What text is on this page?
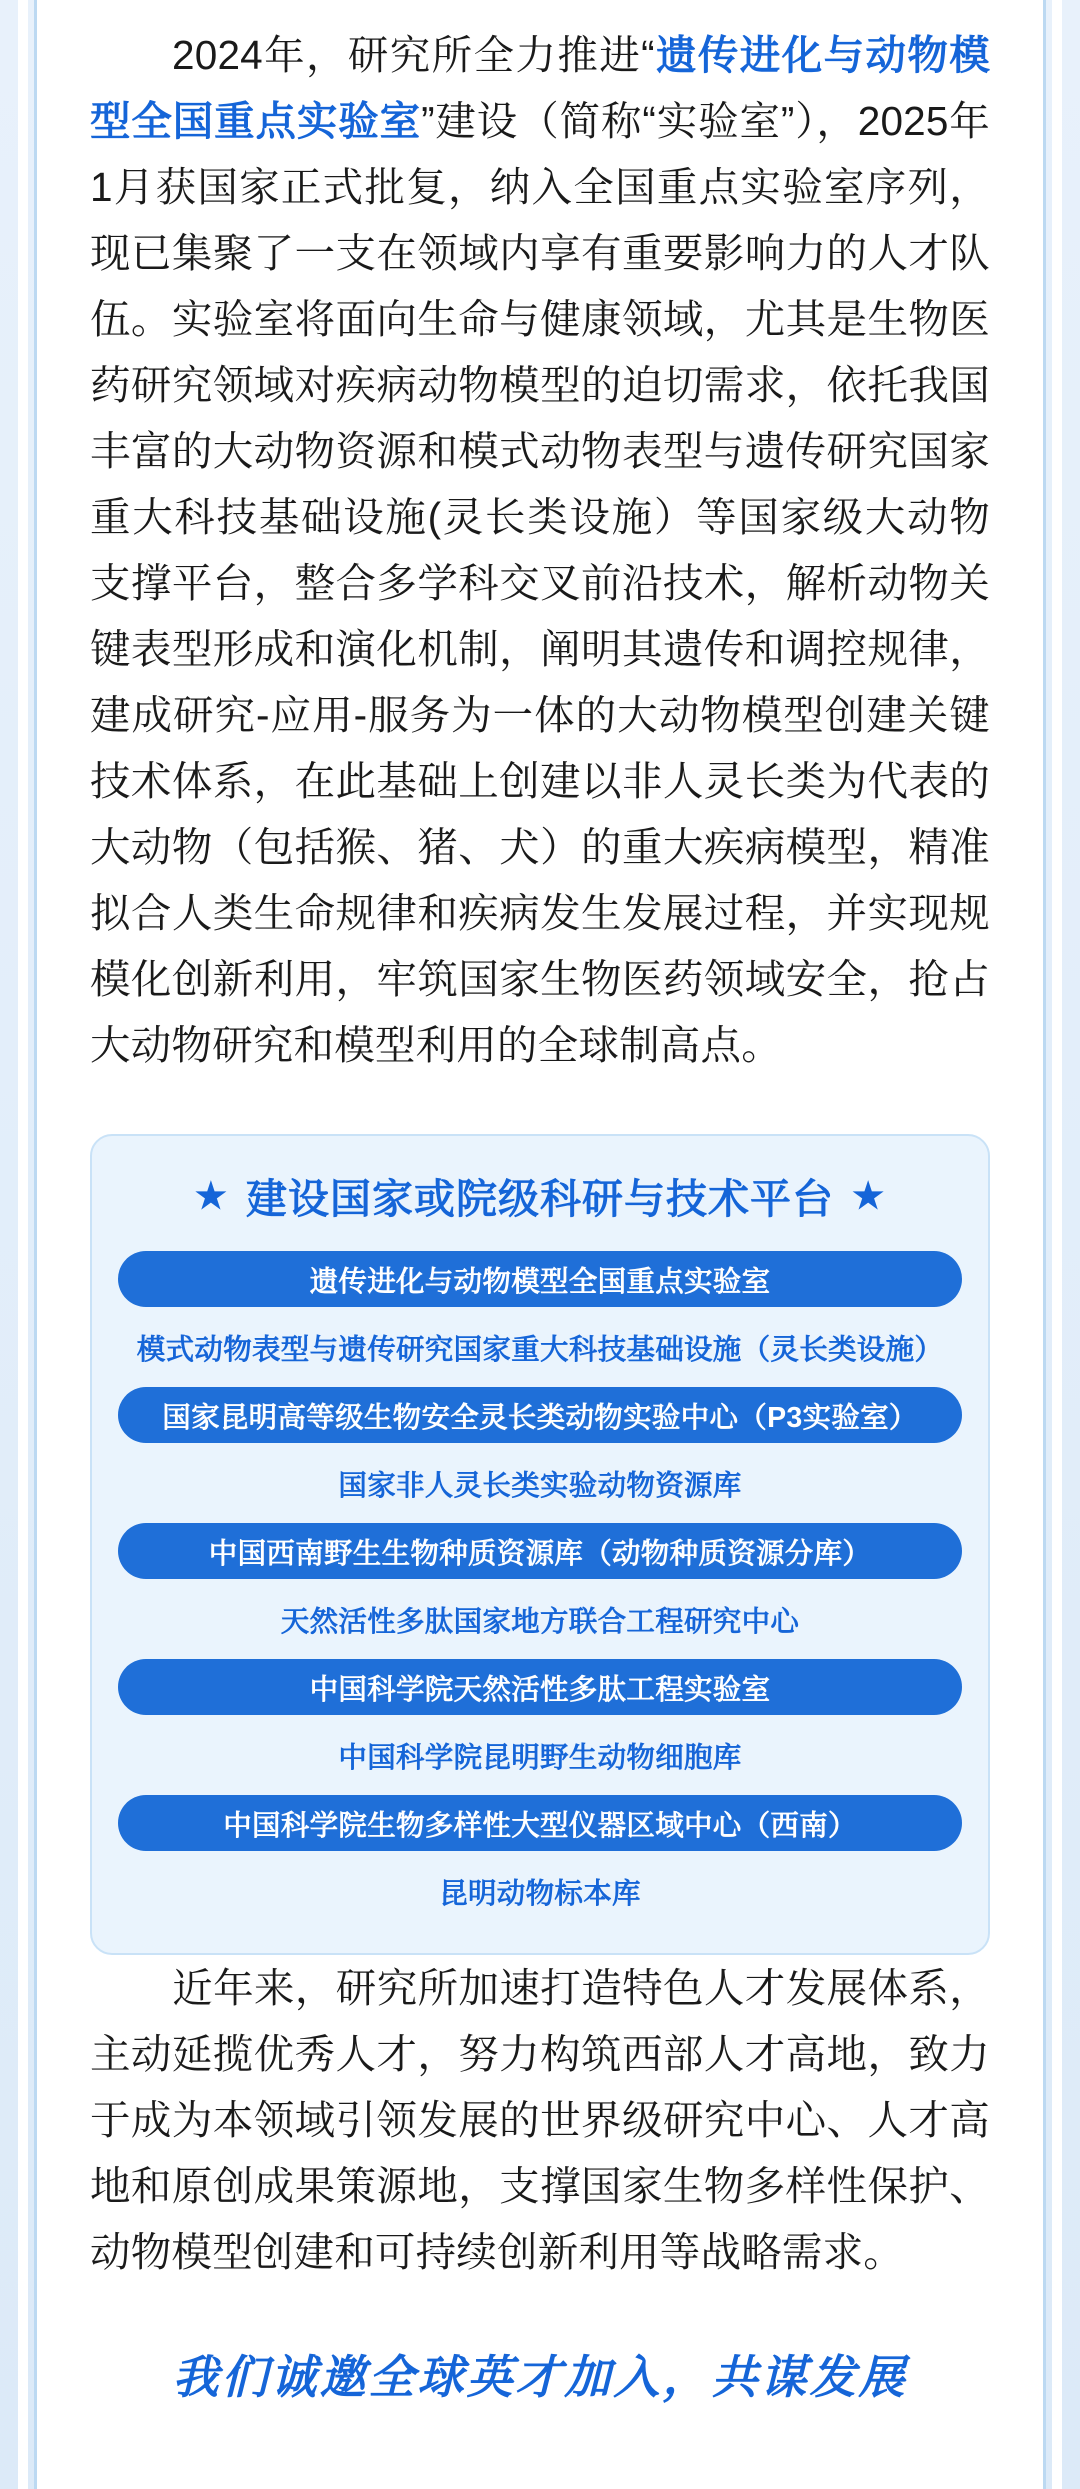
2024年，研究所全力推进“遗传进化与动物模型全国重点实验室”建设（简称“实验室”），2025年1月获国家正式批复，纳入全国重点实验室序列，现已集聚了一支在领域内享有重要影响力的人才队伍。实验室将面向生命与健康领域，尤其是生物医药研究领域对疾病动物模型的迫切需求，依托我国丰富的大动物资源和模式动物表型与遗传研究国家重大科技基础设施(灵长类设施）等国家级大动物支撑平台，整合多学科交叉前沿技术，解析动物关键表型形成和演化机制，阐明其遗传和调控规律，建成研究-应用-服务为一体的大动物模型创建关键技术体系，在此基础上创建以非人灵长类为代表的大动物（包括猴、猪、犬）的重大疾病模型，精准拟合人类生命规律和疾病发生发展过程，并实现规模化创新利用，牢筑国家生物医药领域安全，抢占大动物研究和模型利用的全球制高点。

★ 建设国家或院级科研与技术平台 ★
遗传进化与动物模型全国重点实验室
模式动物表型与遗传研究国家重大科技基础设施（灵长类设施）
国家昆明高等级生物安全灵长类动物实验中心（P3实验室）
国家非人灵长类实验动物资源库
中国西南野生生物种质资源库（动物种质资源分库）
天然活性多肽国家地方联合工程研究中心
中国科学院天然活性多肽工程实验室
中国科学院昆明野生动物细胞库
中国科学院生物多样性大型仪器区域中心（西南）
昆明动物标本库

近年来，研究所加速打造特色人才发展体系，主动延揽优秀人才，努力构筑西部人才高地，致力于成为本领域引领发展的世界级研究中心、人才高地和原创成果策源地，支撑国家生物多样性保护、动物模型创建和可持续创新利用等战略需求。

我们诚邀全球英才加入，共谋发展
